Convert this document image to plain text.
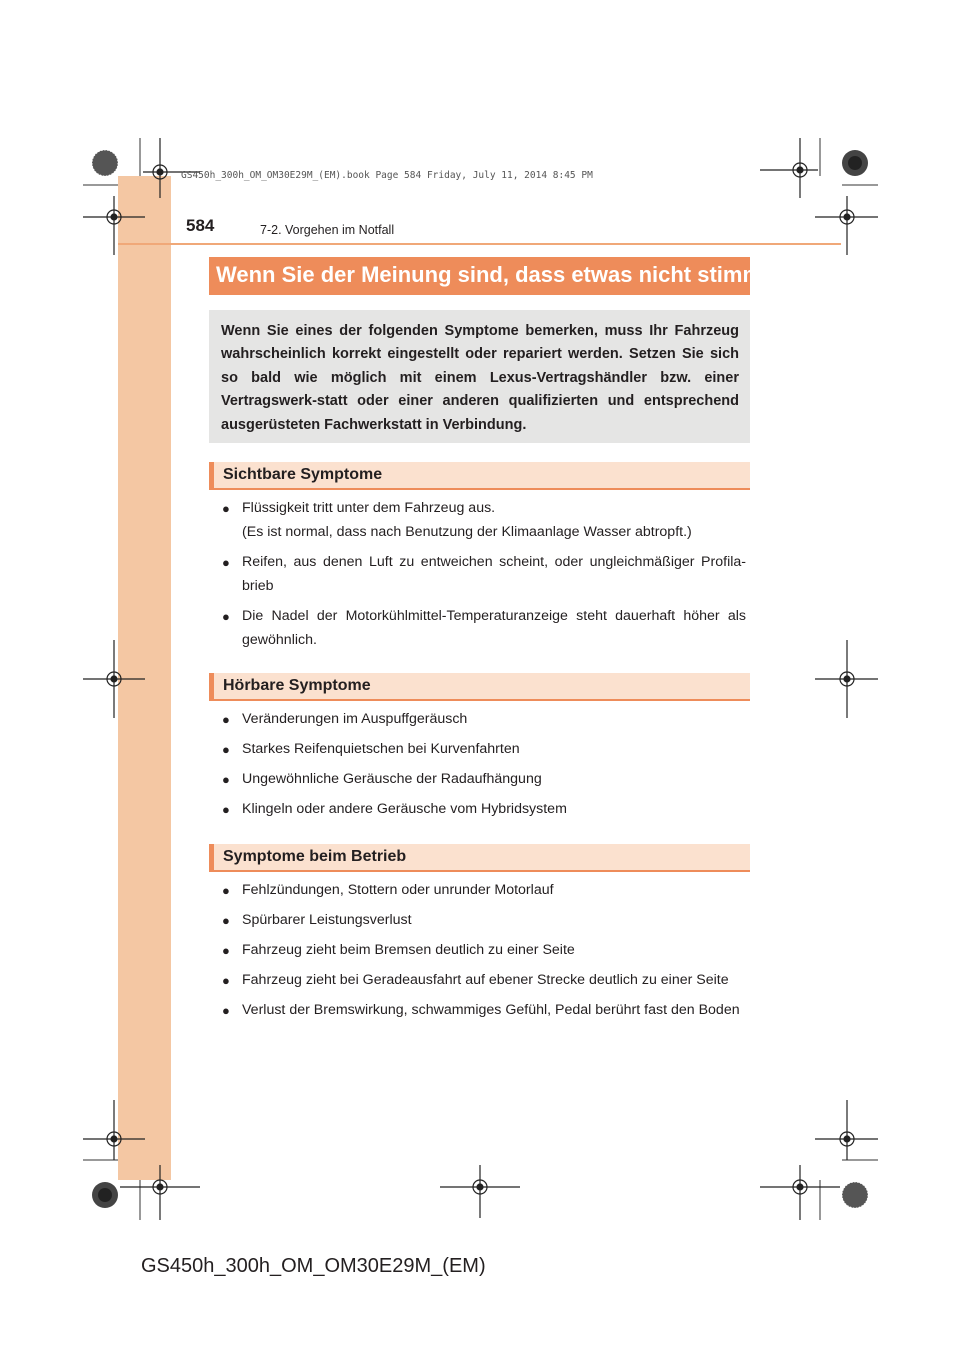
GS450h_300h_OM_OM30E29M_(EM).book Page 584 Friday, July 11, 2014 8:45 PM
584	7-2. Vorgehen im Notfall
Wenn Sie der Meinung sind, dass etwas nicht stimmt
Wenn Sie eines der folgenden Symptome bemerken, muss Ihr Fahrzeug wahrscheinlich korrekt eingestellt oder repariert werden. Setzen Sie sich so bald wie möglich mit einem Lexus-Vertragshändler bzw. einer Vertragswerk-statt oder einer anderen qualifizierten und entsprechend ausgerüsteten Fachwerkstatt in Verbindung.
Sichtbare Symptome
● Flüssigkeit tritt unter dem Fahrzeug aus.
(Es ist normal, dass nach Benutzung der Klimaanlage Wasser abtropft.)
● Reifen, aus denen Luft zu entweichen scheint, oder ungleichmäßiger Profila-brieb
● Die Nadel der Motorkühlmittel-Temperaturanzeige steht dauerhaft höher als gewöhnlich.
Hörbare Symptome
● Veränderungen im Auspuffgeräusch
● Starkes Reifenquietschen bei Kurvenfahrten
● Ungewöhnliche Geräusche der Radaufhängung
● Klingeln oder andere Geräusche vom Hybridsystem
Symptome beim Betrieb
● Fehlzündungen, Stottern oder unrunder Motorlauf
● Spürbarer Leistungsverlust
● Fahrzeug zieht beim Bremsen deutlich zu einer Seite
● Fahrzeug zieht bei Geradeausfahrt auf ebener Strecke deutlich zu einer Seite
● Verlust der Bremswirkung, schwammiges Gefühl, Pedal berührt fast den Boden
GS450h_300h_OM_OM30E29M_(EM)
